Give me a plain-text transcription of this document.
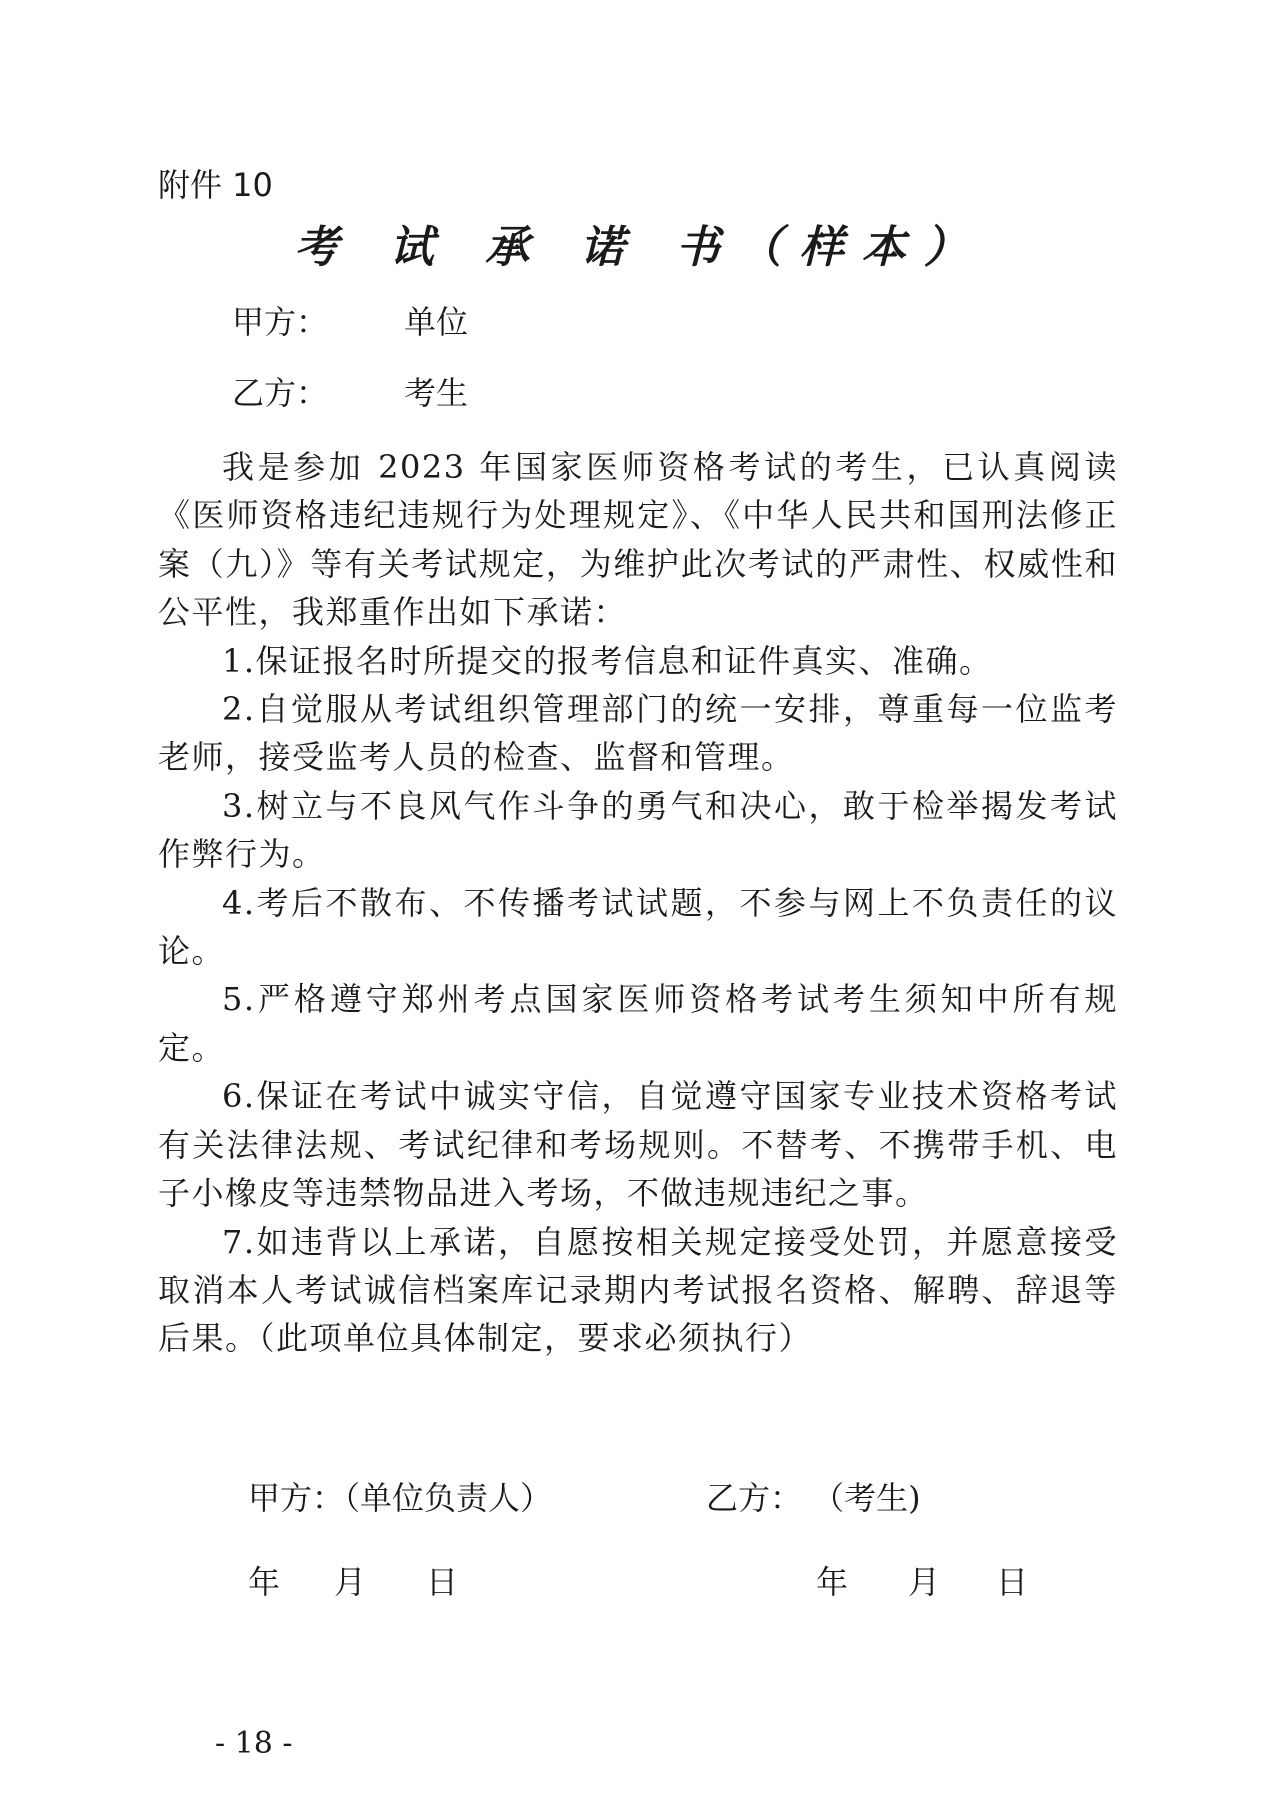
附件 10
考 试 承 诺 书（样本）
甲方： 单位
乙方： 考生

我是参加 2023 年国家医师资格考试的考生，已认真阅读《医师资格违纪违规行为处理规定》、《中华人民共和国刑法修正案（九）》等有关考试规定，为维护此次考试的严肃性、权威性和公平性，我郑重作出如下承诺：

1.保证报名时所提交的报考信息和证件真实、准确。

2.自觉服从考试组织管理部门的统一安排，尊重每一位监考老师，接受监考人员的检查、监督和管理。

3.树立与不良风气作斗争的勇气和决心，敢于检举揭发考试作弊行为。

4.考后不散布、不传播考试试题，不参与网上不负责任的议论。

5.严格遵守郑州考点国家医师资格考试考生须知中所有规定。

6.保证在考试中诚实守信，自觉遵守国家专业技术资格考试有关法律法规、考试纪律和考场规则。不替考、不携带手机、电子小橡皮等违禁物品进入考场，不做违规违纪之事。

7.如违背以上承诺，自愿按相关规定接受处罚，并愿意接受取消本人考试诚信档案库记录期内考试报名资格、解聘、辞退等后果。（此项单位具体制定，要求必须执行）

甲方：（单位负责人）	乙方： （考生)
年 月 日	年 月 日
- 18 -
